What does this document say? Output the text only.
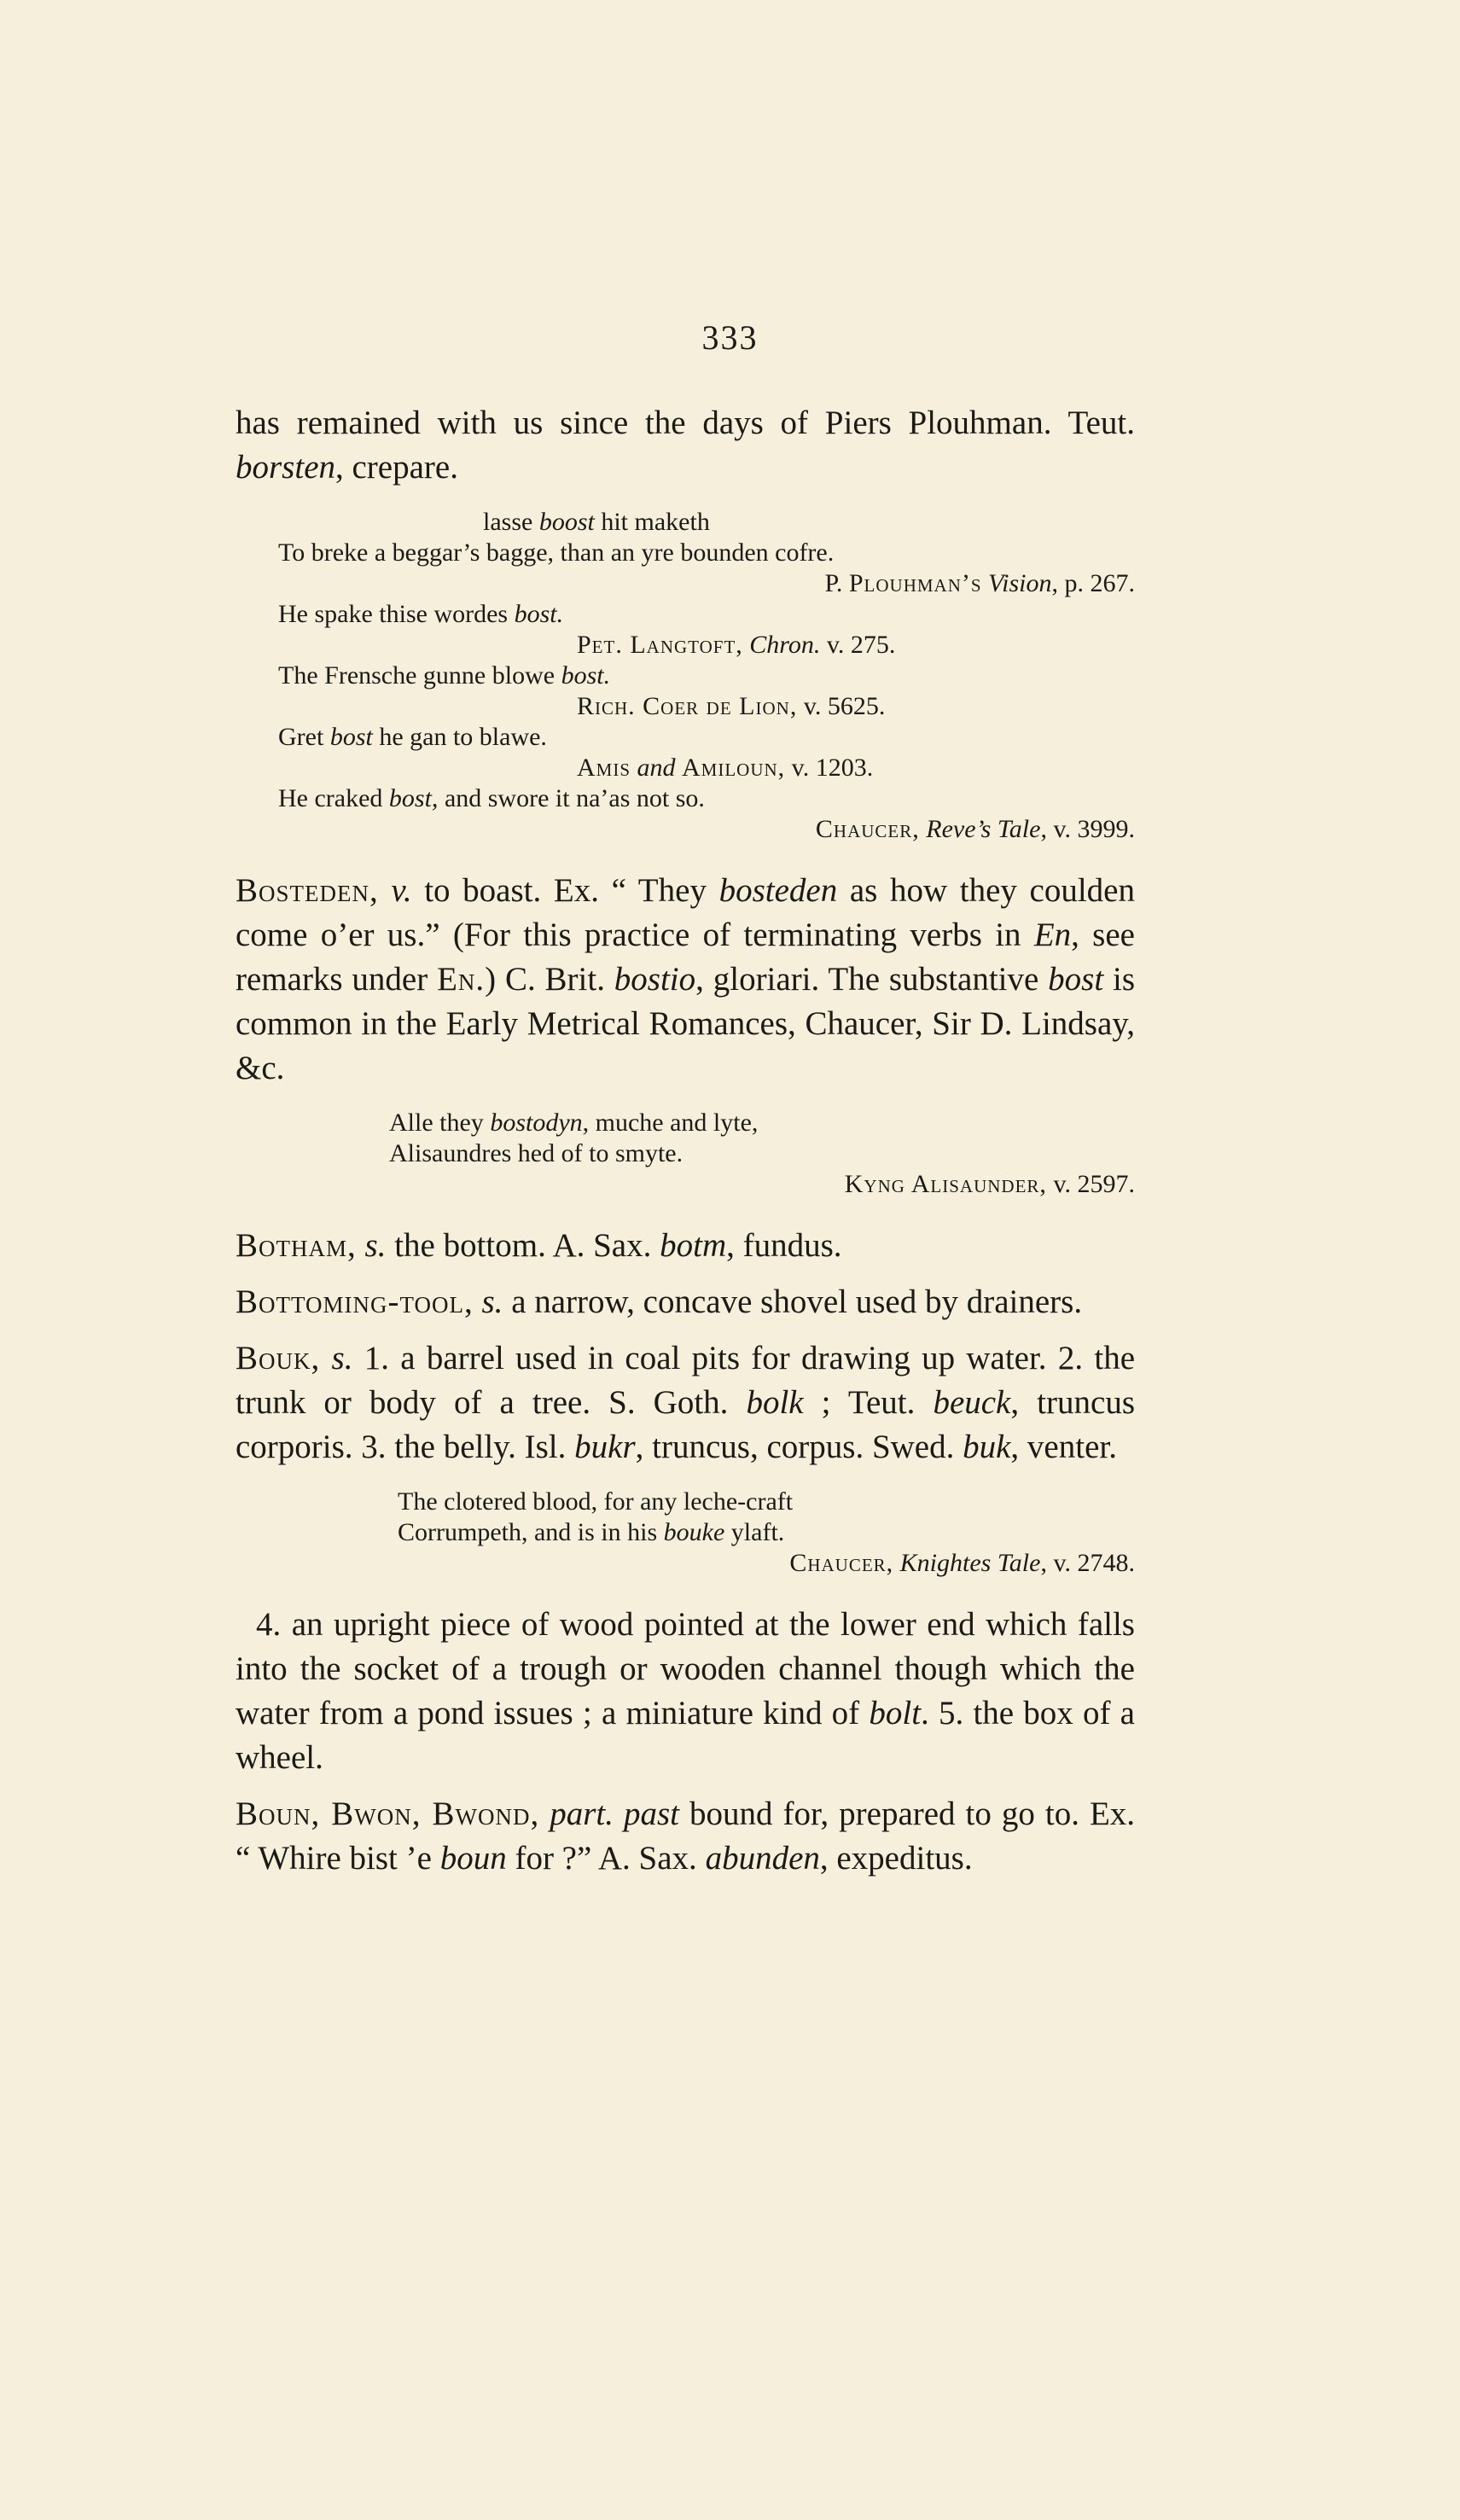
333

has remained with us since the days of Piers Plouhman. Teut. borsten, crepare.

lasse boost hit maketh
To breke a beggar’s bagge, than an yre bounden cofre.
P. Plouhman’s Vision, p. 267.
He spake thise wordes bost.
Pet. Langtoft, Chron. v. 275.
The Frensche gunne blowe bost.
Rich. Coer de Lion, v. 5625.
Gret bost he gan to blawe.
Amis and Amiloun, v. 1203.
He craked bost, and swore it na’as not so.
Chaucer, Reve’s Tale, v. 3999.

Bosteden, v. to boast. Ex. “ They bosteden as how they coulden come o’er us.” (For this practice of terminating verbs in En, see remarks under En.) C. Brit. bostio, gloriari. The substantive bost is common in the Early Metrical Romances, Chaucer, Sir D. Lindsay, &c.

Alle they bostodyn, muche and lyte,
Alisaundres hed of to smyte.
Kyng Alisaunder, v. 2597.

Botham, s. the bottom. A. Sax. botm, fundus.

Bottoming-tool, s. a narrow, concave shovel used by drainers.

Bouk, s. 1. a barrel used in coal pits for drawing up water. 2. the trunk or body of a tree. S. Goth. bolk ; Teut. beuck, truncus corporis. 3. the belly. Isl. bukr, truncus, corpus. Swed. buk, venter.

The clotered blood, for any leche-craft
Corrumpeth, and is in his bouke ylaft.
Chaucer, Knightes Tale, v. 2748.

4. an upright piece of wood pointed at the lower end which falls into the socket of a trough or wooden channel though which the water from a pond issues ; a miniature kind of bolt. 5. the box of a wheel.

Boun, Bwon, Bwond, part. past bound for, prepared to go to. Ex. “ Whire bist ’e boun for ?” A. Sax. abunden, expeditus.
